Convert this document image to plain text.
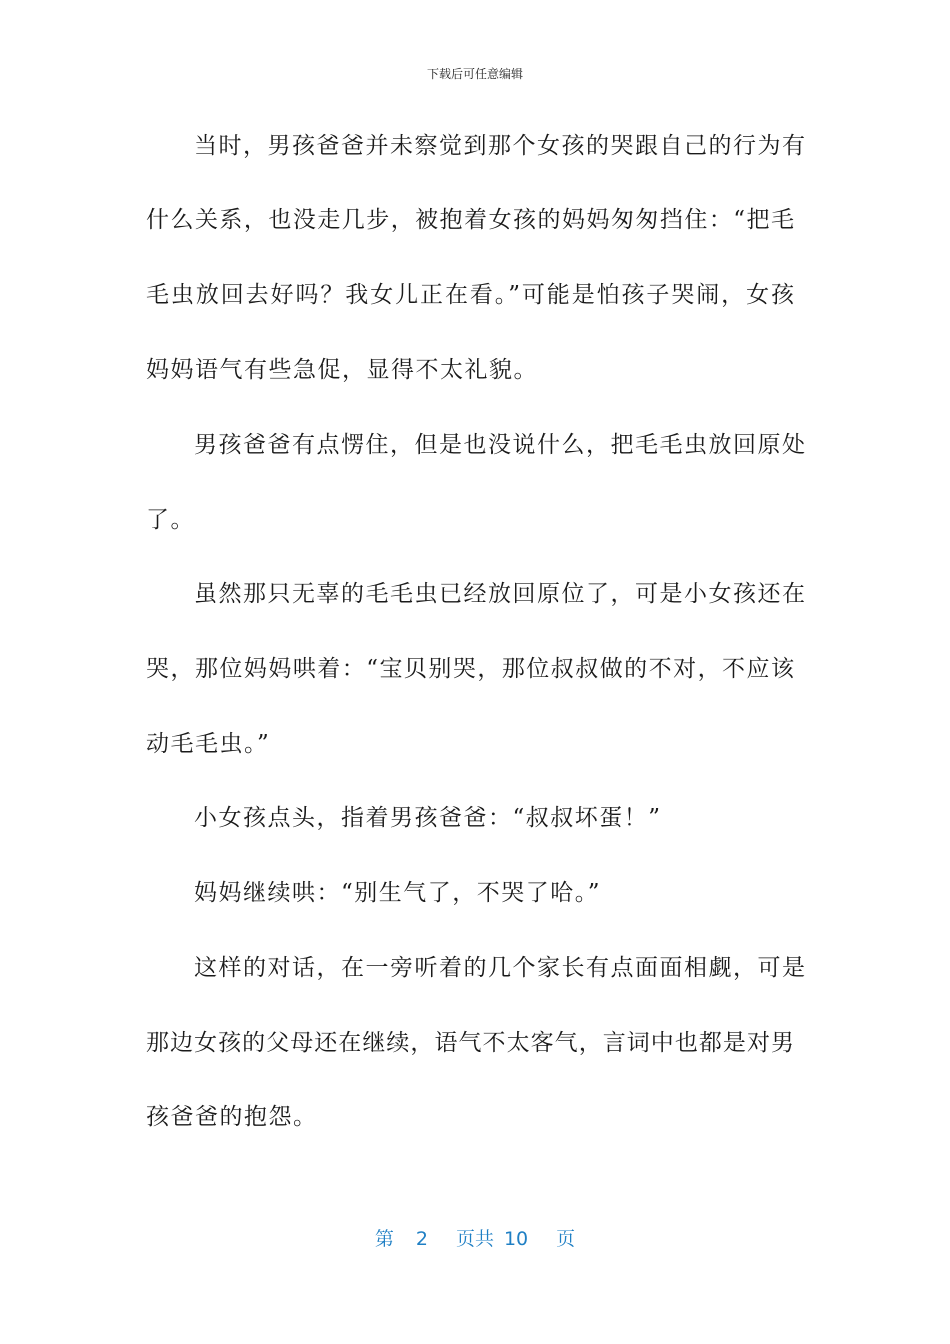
下载后可任意编辑
当时，男孩爸爸并未察觉到那个女孩的哭跟自己的行为有
什么关系，也没走几步，被抱着女孩的妈妈匆匆挡住：“把毛
毛虫放回去好吗？我女儿正在看。”可能是怕孩子哭闹，女孩
妈妈语气有些急促，显得不太礼貌。
男孩爸爸有点愣住，但是也没说什么，把毛毛虫放回原处
了。
虽然那只无辜的毛毛虫已经放回原位了，可是小女孩还在
哭，那位妈妈哄着：“宝贝别哭，那位叔叔做的不对，不应该
动毛毛虫。”
小女孩点头，指着男孩爸爸：“叔叔坏蛋！”
妈妈继续哄：“别生气了，不哭了哈。”
这样的对话，在一旁听着的几个家长有点面面相觑，可是
那边女孩的父母还在继续，语气不太客气，言词中也都是对男
孩爸爸的抱怨。
第 2 页共 10 页
